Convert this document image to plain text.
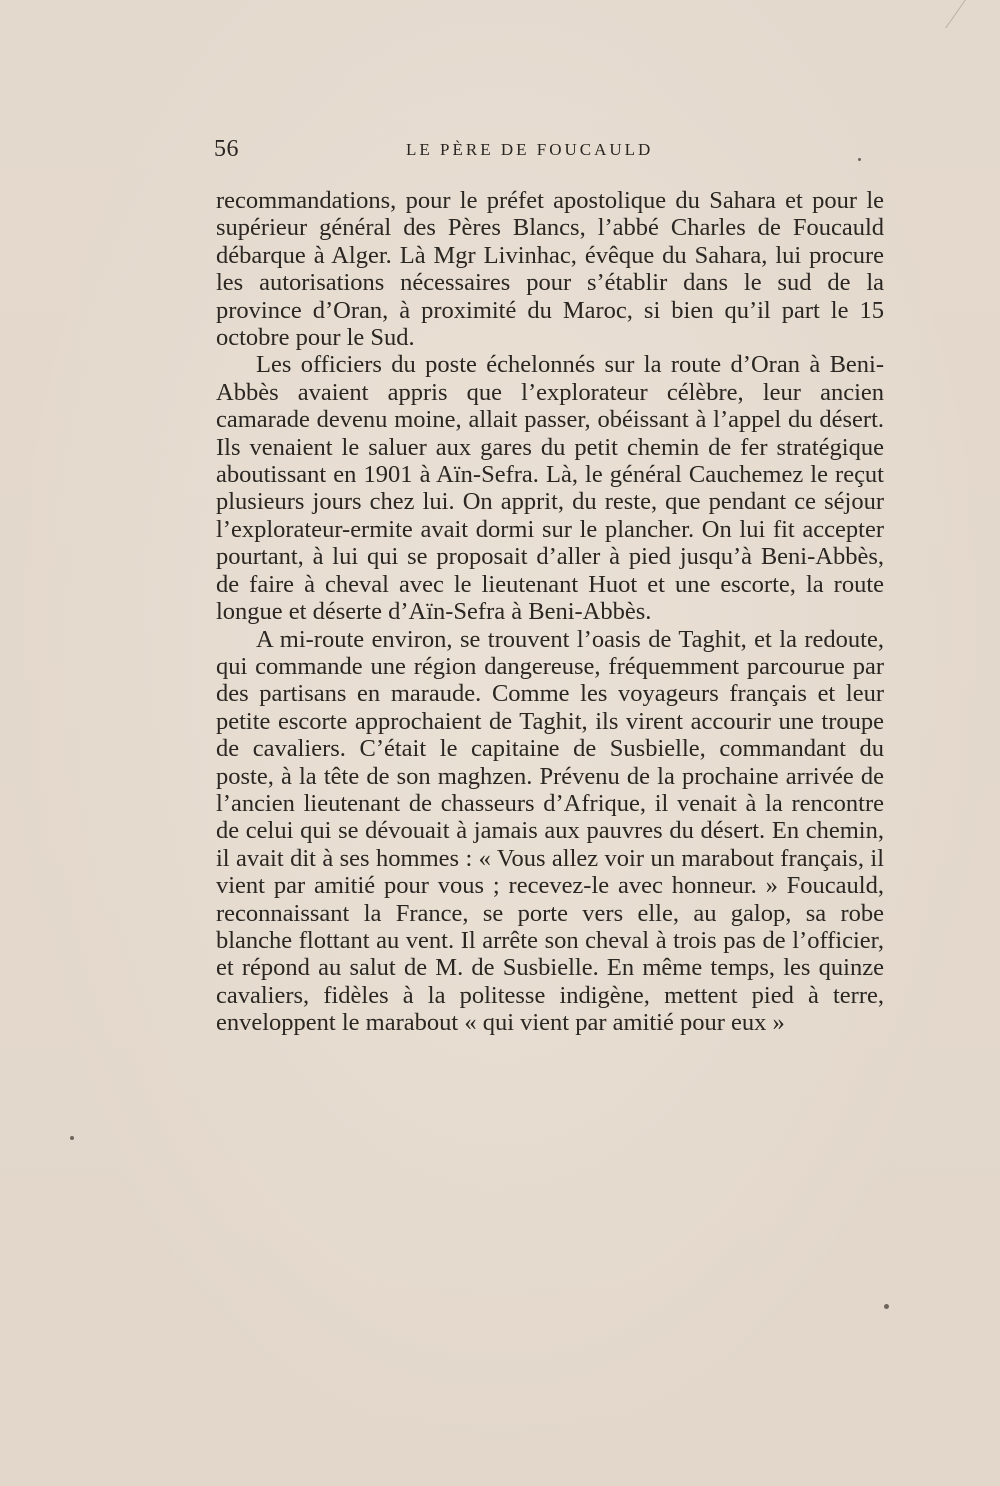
56	LE PÈRE DE FOUCAULD

recommandations, pour le préfet apostolique du Sahara et pour le supérieur général des Pères Blancs, l’abbé Charles de Foucauld débarque à Alger. Là Mgr Livinhac, évêque du Sahara, lui procure les autorisations nécessaires pour s’établir dans le sud de la province d’Oran, à proximité du Maroc, si bien qu’il part le 15 octobre pour le Sud.

Les officiers du poste échelonnés sur la route d’Oran à Beni-Abbès avaient appris que l’explorateur célèbre, leur ancien camarade devenu moine, allait passer, obéissant à l’appel du désert. Ils venaient le saluer aux gares du petit chemin de fer stratégique aboutissant en 1901 à Aïn-Sefra. Là, le général Cauchemez le reçut plusieurs jours chez lui. On apprit, du reste, que pendant ce séjour l’explorateur-ermite avait dormi sur le plancher. On lui fit accepter pourtant, à lui qui se proposait d’aller à pied jusqu’à Beni-Abbès, de faire à cheval avec le lieutenant Huot et une escorte, la route longue et déserte d’Aïn-Sefra à Beni-Abbès.

A mi-route environ, se trouvent l’oasis de Taghit, et la redoute, qui commande une région dangereuse, fréquemment parcourue par des partisans en maraude. Comme les voyageurs français et leur petite escorte approchaient de Taghit, ils virent accourir une troupe de cavaliers. C’était le capitaine de Susbielle, commandant du poste, à la tête de son maghzen. Prévenu de la prochaine arrivée de l’ancien lieutenant de chasseurs d’Afrique, il venait à la rencontre de celui qui se dévouait à jamais aux pauvres du désert. En chemin, il avait dit à ses hommes : « Vous allez voir un marabout français, il vient par amitié pour vous ; recevez-le avec honneur. » Foucauld, reconnaissant la France, se porte vers elle, au galop, sa robe blanche flottant au vent. Il arrête son cheval à trois pas de l’officier, et répond au salut de M. de Susbielle. En même temps, les quinze cavaliers, fidèles à la politesse indigène, mettent pied à terre, enveloppent le marabout « qui vient par amitié pour eux »
